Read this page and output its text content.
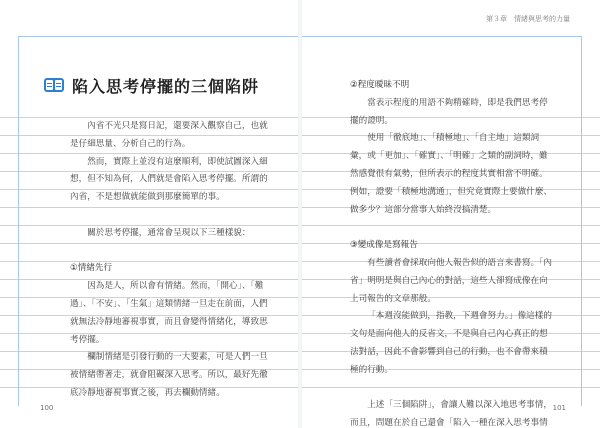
第３章　情緒與思考的力量
陷入思考停擺的三個陷阱

內省不光只是寫日記，還要深入觀察自己，也就是仔細思量、分析自己的行為。

然而，實際上並沒有這麼順利，即使試圖深入細想，但不知為何，人們就是會陷入思考停擺。所謂的內省，不是想做就能做到那麼簡單的事。

關於思考停擺，通常會呈現以下三種樣貌：

①情緒先行

因為是人，所以會有情緒。然而，「開心」、「難過」、「不安」、「生氣」這類情緒一旦走在前面，人們就無法冷靜地審視事實，而且會變得情緒化，導致思考停擺。

欄制情緒是引發行動的一大要素，可是人們一旦被情緒帶著走，就會阻礙深入思考。所以，最好先徹底冷靜地審視事實之後，再去欄動情緒。

②程度曖昧不明

當表示程度的用語不夠精確時，即是我們思考停擺的證明。

使用「徹底地」、「積極地」、「自主地」這類詞彙，或「更加」、「確實」、「明確」之類的副詞時，雖然感覺很有氣勢，但所表示的程度其實相當不明確。例如，證要「積極地溝通」，但究竟實際上要做什麼、做多少？這部分當事人始終沒搞清楚。

③變成像是寫報告

有些讀者會採取向他人報告似的語言來書寫。「內省」明明是與自己內心的對話，這些人卻寫成像在向上司報告的文章那般。

「本週沒能做到，指教，下週會努力。」像這樣的文句是面向他人的反省文，不是與自己內心真正的想法對話，因此不會影響到自己的行動，也不會帶來積極的行動。

上述「三個陷阱」，會讓人難以深入地思考事情，而且，問題在於自己還會「陷入一種在深入思考事情

100	101
